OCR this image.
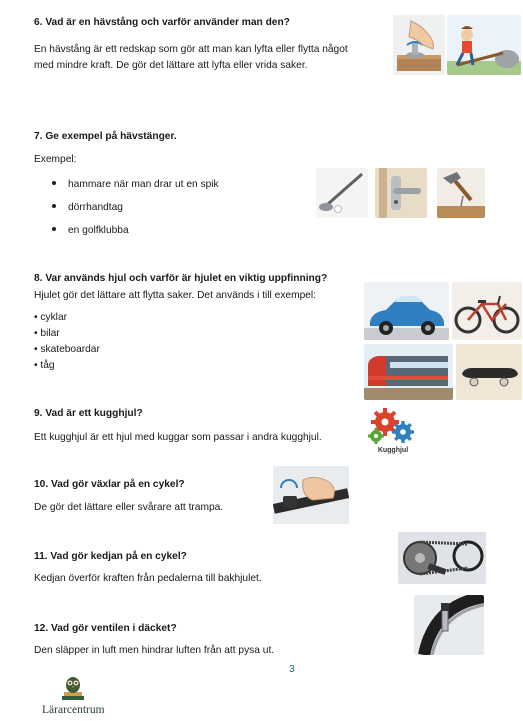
6. Vad är en hävstång och varför använder man den?
En hävstång är ett redskap som gör att man kan lyfta eller flytta något
med mindre kraft. De gör det lättare att lyfta eller vrida saker.
7. Ge exempel på hävstänger.
Exempel:
hammare när man drar ut en spik
dörrhandtag
en golfklubba
8. Var används hjul och varför är hjulet en viktig uppfinning?
Hjulet gör det lättare att flytta saker. Det används i till exempel:
• cyklar
• bilar
• skateboardar
• tåg
9. Vad är ett kugghjul?
Ett kugghjul är ett hjul med kuggar som passar i andra kugghjul.
Kugghjul
10. Vad gör växlar på en cykel?
De gör det lättare eller svårare att trampa.
11. Vad gör kedjan på en cykel?
Kedjan överför kraften från pedalerna till bakhjulet.
12. Vad gör ventilen i däcket?
Den släpper in luft men hindrar luften från att pysa ut.
3
Lärarcentrum
